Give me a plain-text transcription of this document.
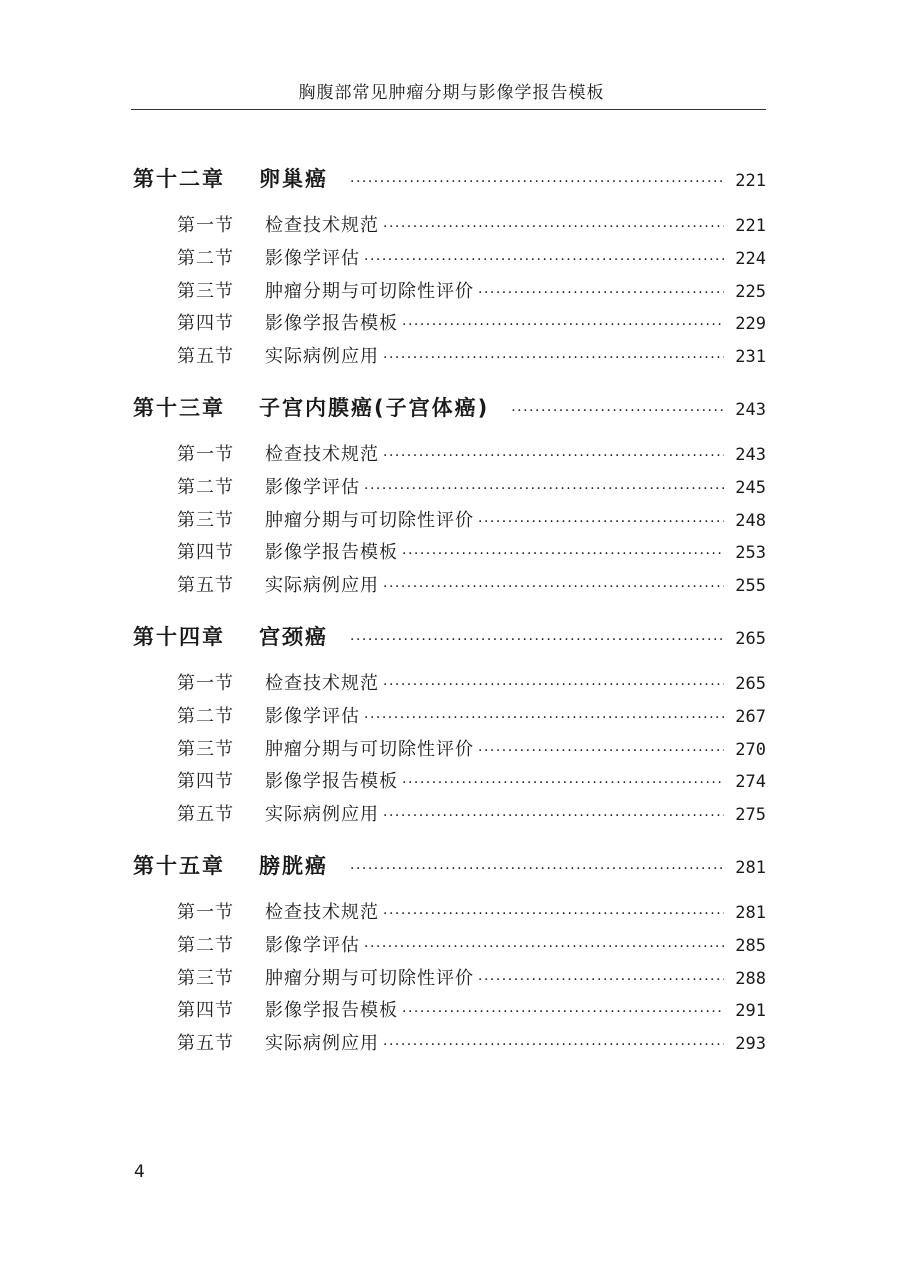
胸腹部常见肿瘤分期与影像学报告模板
第十二章	卵巢癌 ·····	221
第一节	检查技术规范 ·····	221
第二节	影像学评估 ·····	224
第三节	肿瘤分期与可切除性评价 ·····	225
第四节	影像学报告模板 ·····	229
第五节	实际病例应用 ·····	231
第十三章	子宫内膜癌(子宫体癌) ·····	243
第一节	检查技术规范 ·····	243
第二节	影像学评估 ·····	245
第三节	肿瘤分期与可切除性评价 ·····	248
第四节	影像学报告模板 ·····	253
第五节	实际病例应用 ·····	255
第十四章	宫颈癌 ·····	265
第一节	检查技术规范 ·····	265
第二节	影像学评估 ·····	267
第三节	肿瘤分期与可切除性评价 ·····	270
第四节	影像学报告模板 ·····	274
第五节	实际病例应用 ·····	275
第十五章	膀胱癌 ·····	281
第一节	检查技术规范 ·····	281
第二节	影像学评估 ·····	285
第三节	肿瘤分期与可切除性评价 ·····	288
第四节	影像学报告模板 ·····	291
第五节	实际病例应用 ·····	293
4
